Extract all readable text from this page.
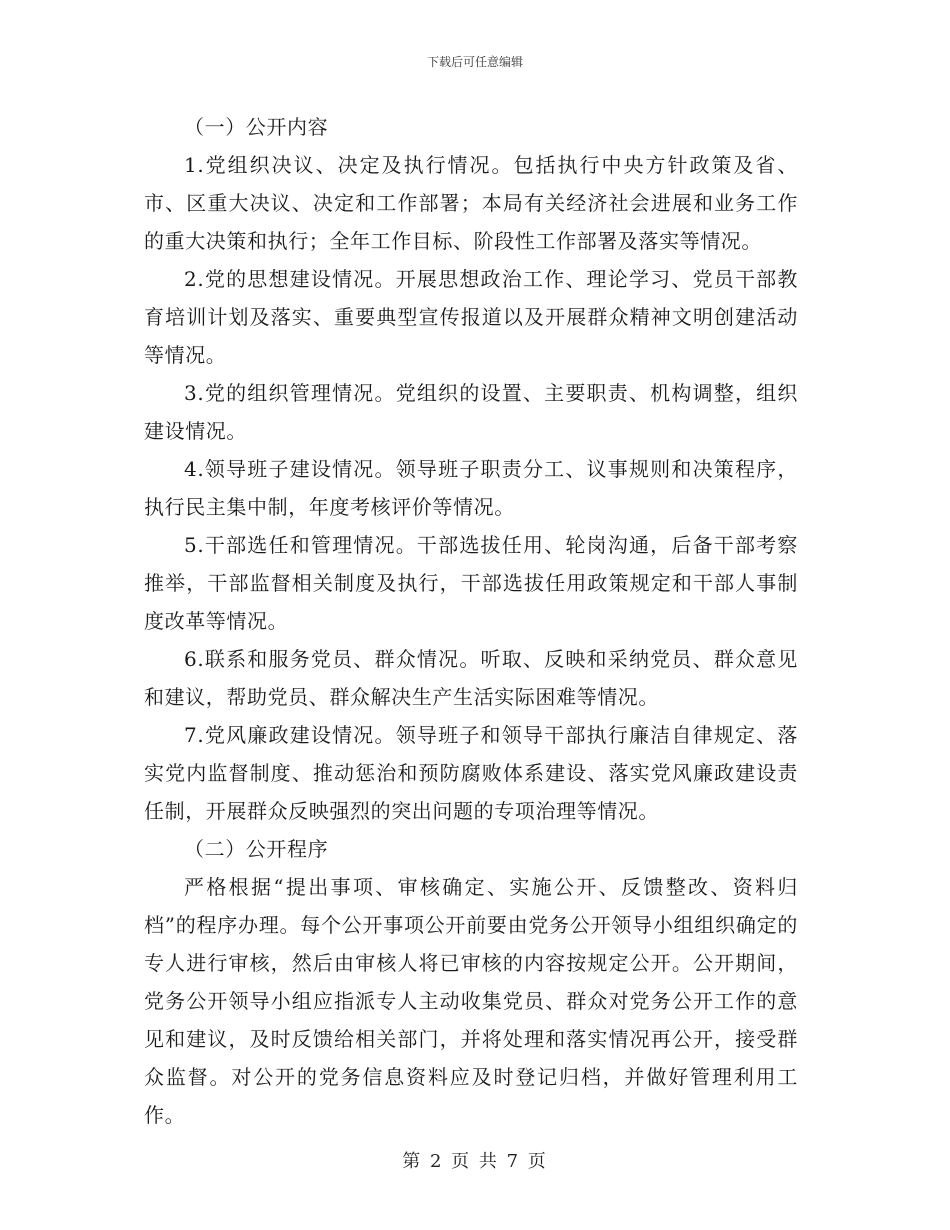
下载后可任意编辑

（一）公开内容

1.党组织决议、决定及执行情况。包括执行中央方针政策及省、市、区重大决议、决定和工作部署；本局有关经济社会进展和业务工作的重大决策和执行；全年工作目标、阶段性工作部署及落实等情况。

2.党的思想建设情况。开展思想政治工作、理论学习、党员干部教育培训计划及落实、重要典型宣传报道以及开展群众精神文明创建活动等情况。

3.党的组织管理情况。党组织的设置、主要职责、机构调整，组织建设情况。

4.领导班子建设情况。领导班子职责分工、议事规则和决策程序，执行民主集中制，年度考核评价等情况。

5.干部选任和管理情况。干部选拔任用、轮岗沟通，后备干部考察推举，干部监督相关制度及执行，干部选拔任用政策规定和干部人事制度改革等情况。

6.联系和服务党员、群众情况。听取、反映和采纳党员、群众意见和建议，帮助党员、群众解决生产生活实际困难等情况。

7.党风廉政建设情况。领导班子和领导干部执行廉洁自律规定、落实党内监督制度、推动惩治和预防腐败体系建设、落实党风廉政建设责任制，开展群众反映强烈的突出问题的专项治理等情况。

（二）公开程序

严格根据“提出事项、审核确定、实施公开、反馈整改、资料归档”的程序办理。每个公开事项公开前要由党务公开领导小组组织确定的专人进行审核，然后由审核人将已审核的内容按规定公开。公开期间，党务公开领导小组应指派专人主动收集党员、群众对党务公开工作的意见和建议，及时反馈给相关部门，并将处理和落实情况再公开，接受群众监督。对公开的党务信息资料应及时登记归档，并做好管理利用工作。

第 2 页 共 7 页
